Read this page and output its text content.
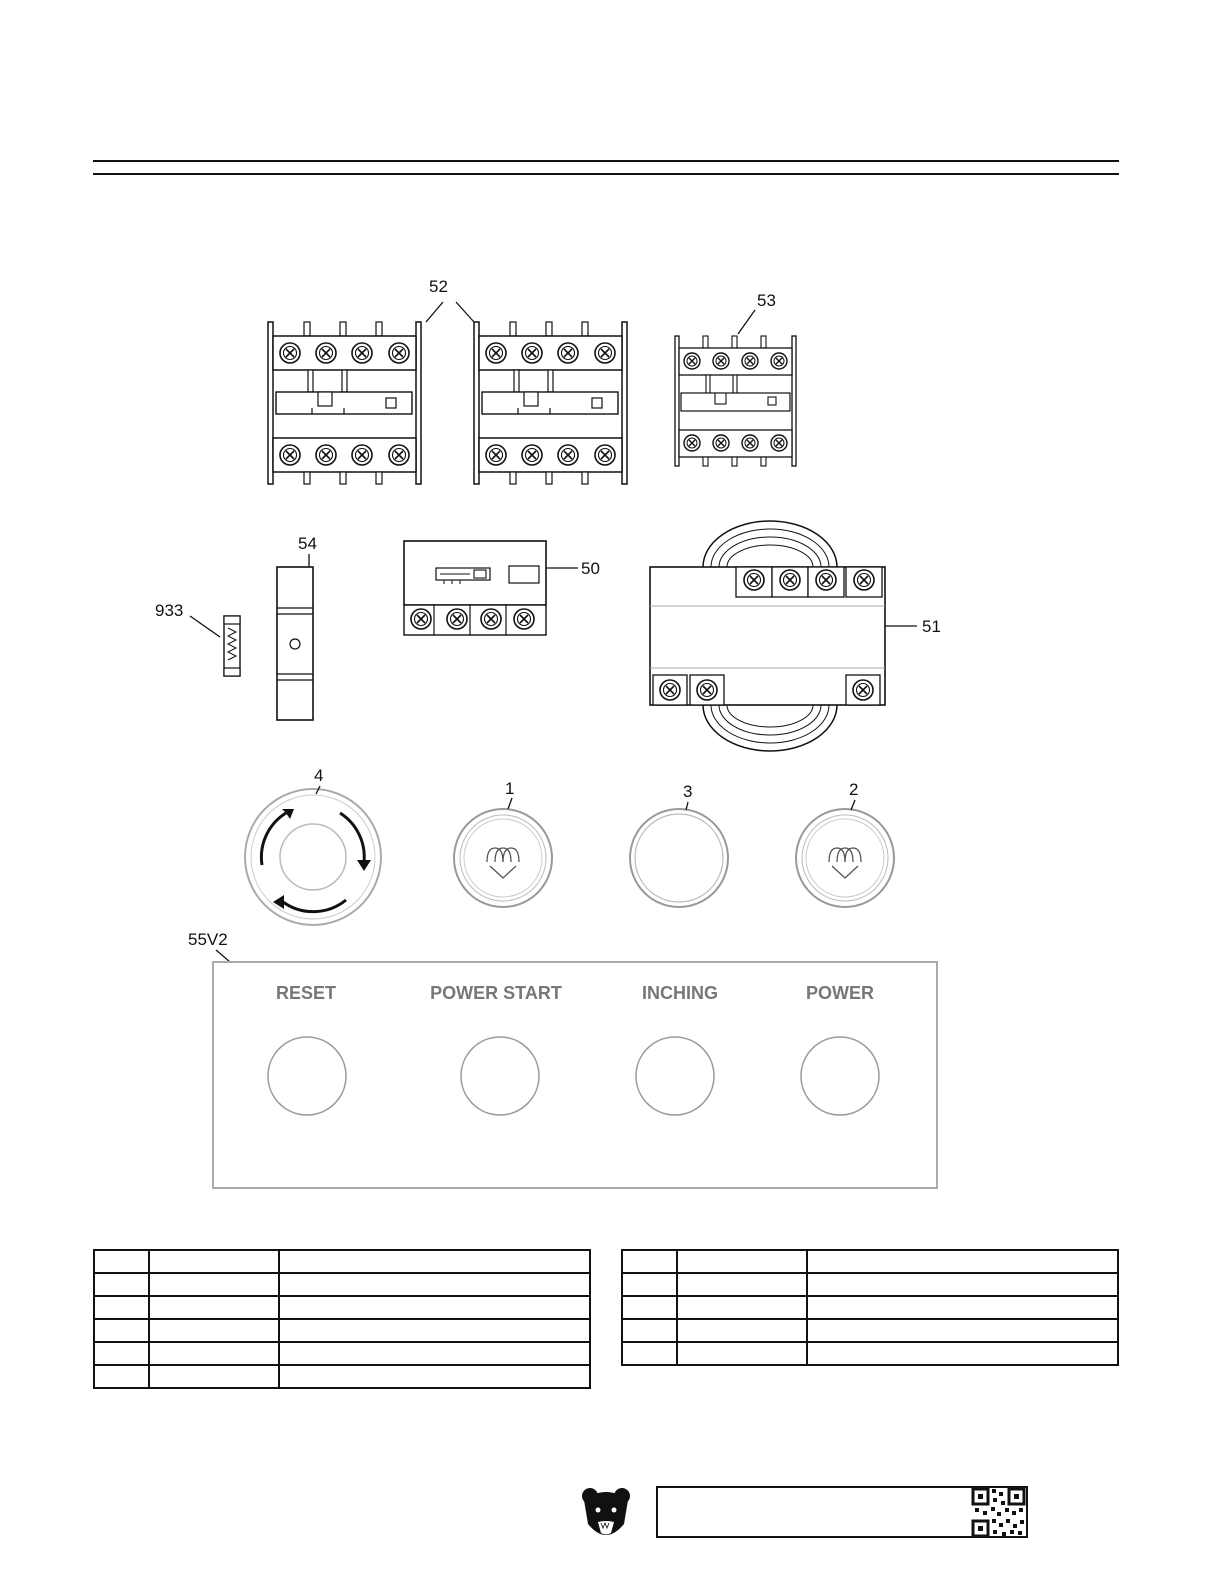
52
53
933
54
50
51
4
1	3	2
55V2
RESET	POWER START	INCHING	POWER
